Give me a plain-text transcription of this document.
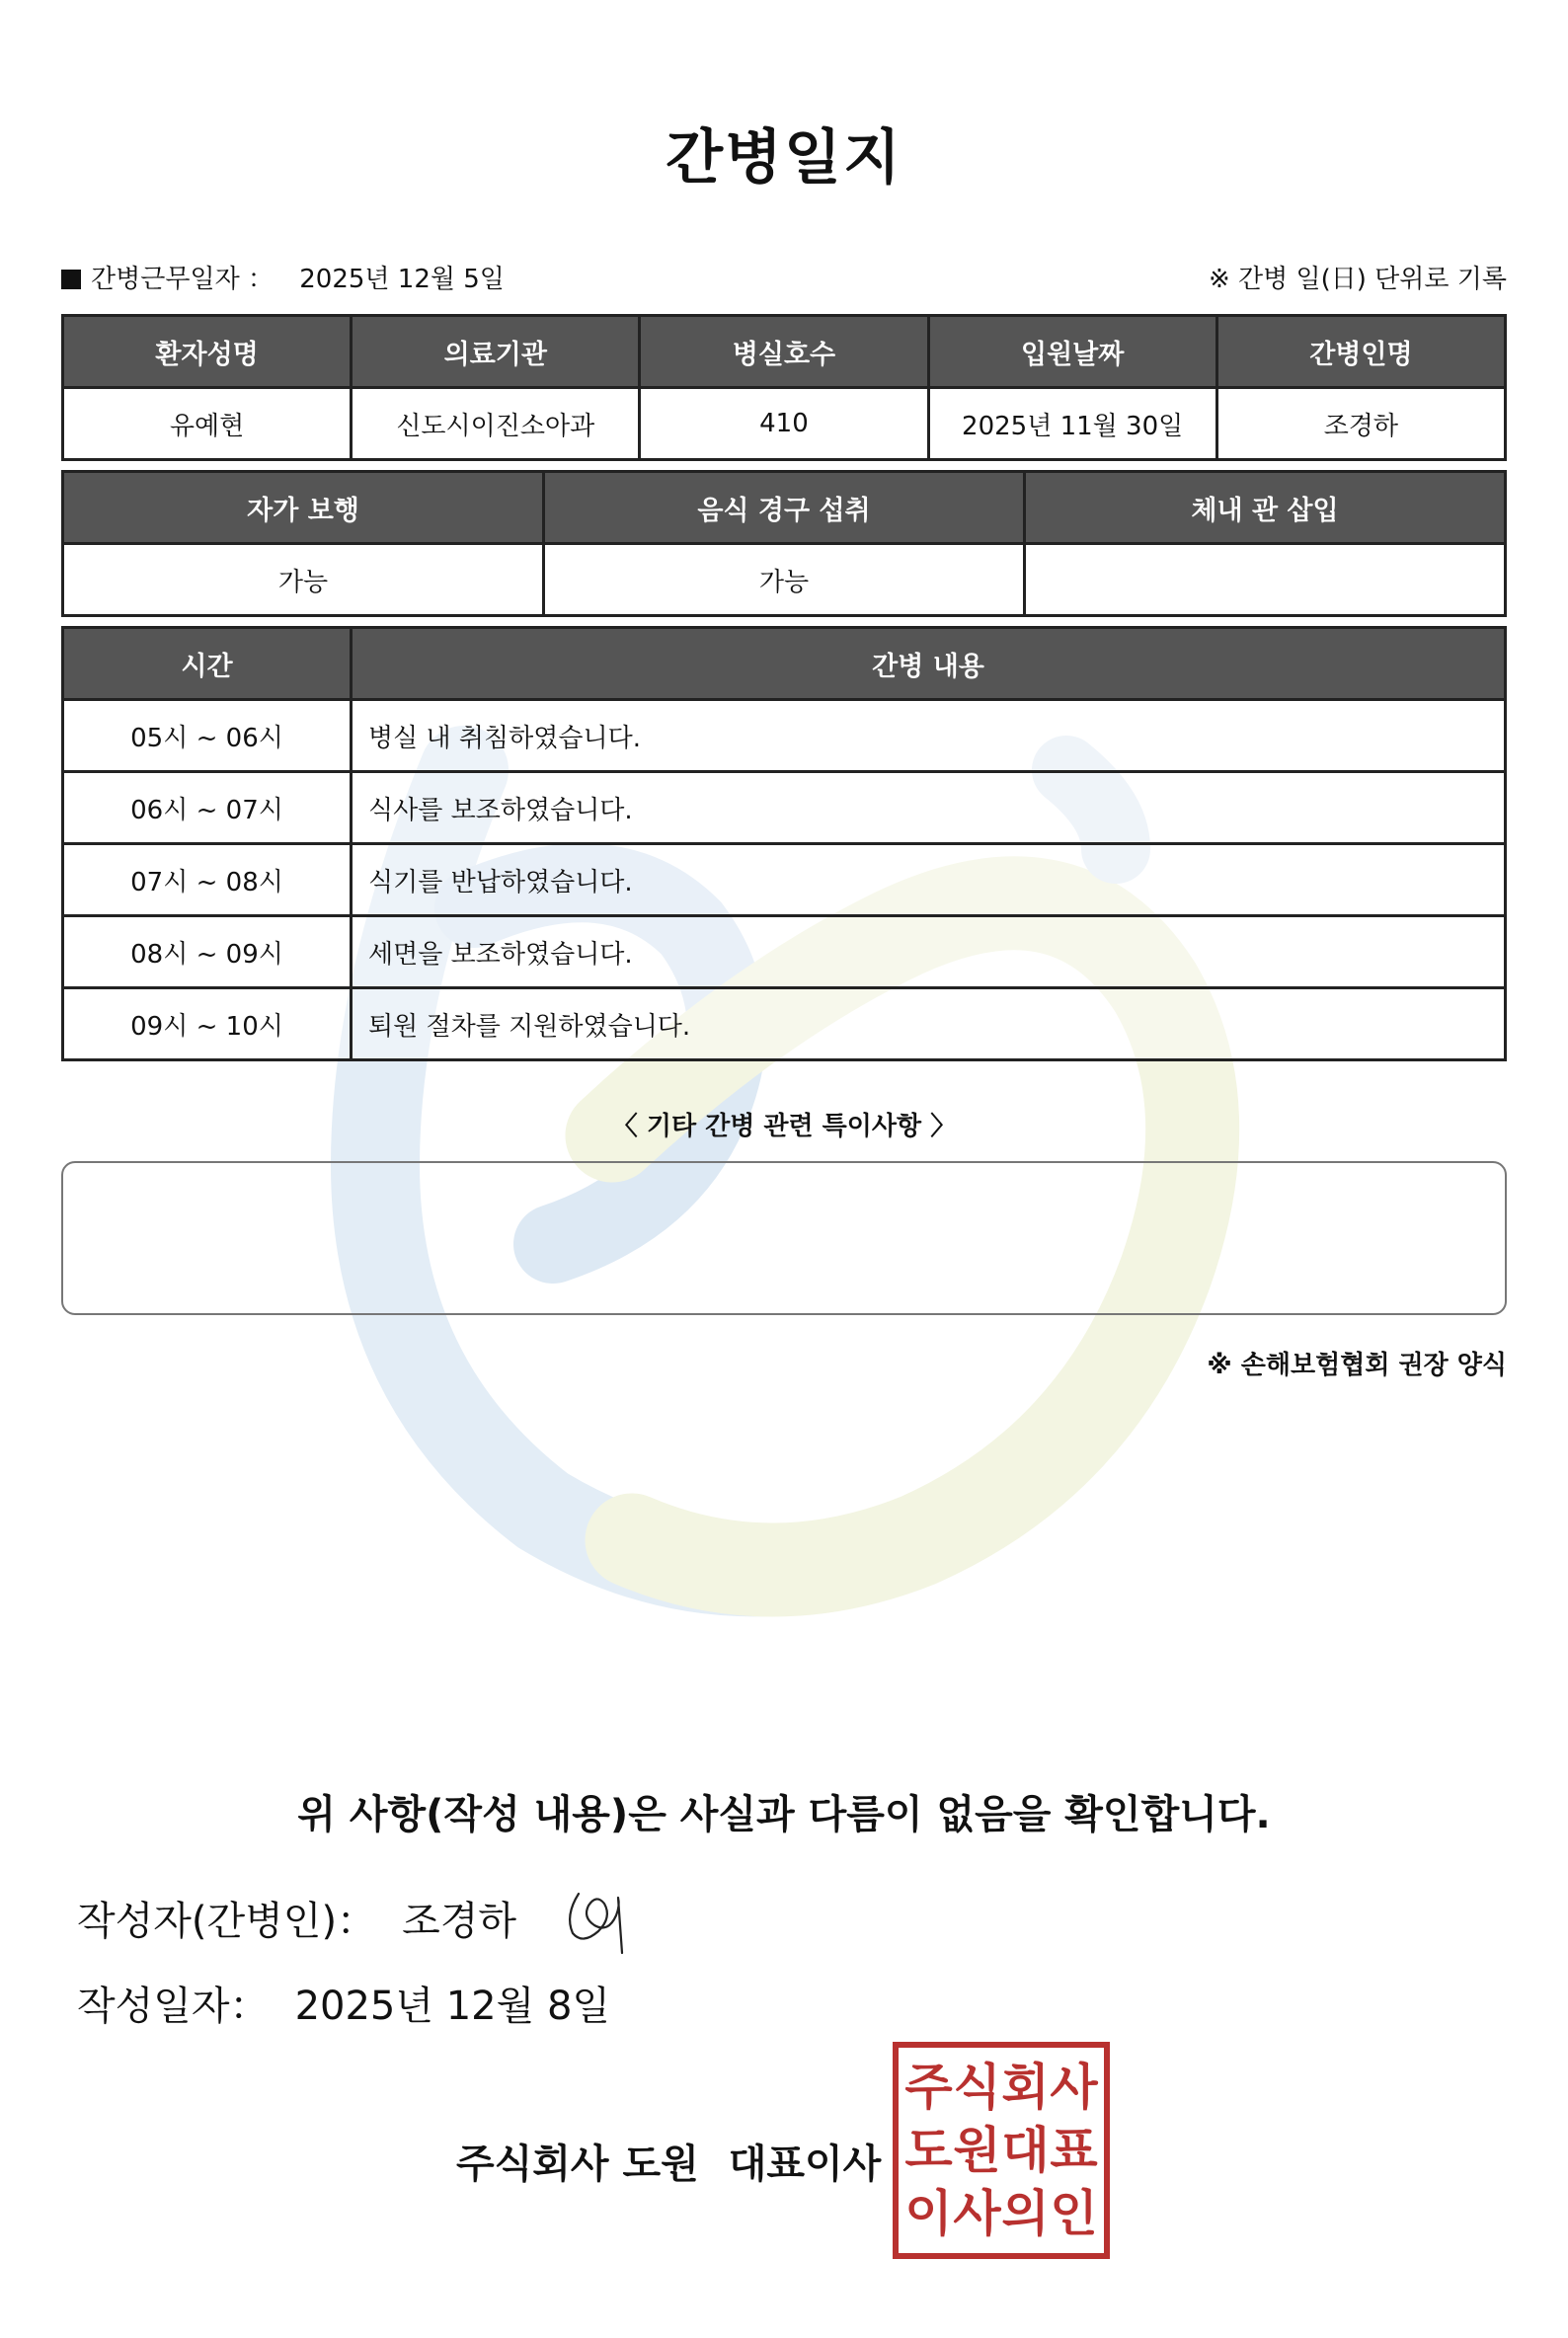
간병일지
간병근무일자 ： 2025년 12월 5일	※ 간병 일(日) 단위로 기록
환자성명	의료기관	병실호수	입원날짜	간병인명
유예현	신도시이진소아과	410	2025년 11월 30일	조경하
자가 보행	음식 경구 섭취	체내 관 삽입
가능	가능	
시간	간병 내용
05시 ~ 06시	병실 내 취침하였습니다.
06시 ~ 07시	식사를 보조하였습니다.
07시 ~ 08시	식기를 반납하였습니다.
08시 ~ 09시	세면을 보조하였습니다.
09시 ~ 10시	퇴원 절차를 지원하였습니다.
〈 기타 간병 관련 특이사항 〉
※ 손해보험협회 권장 양식
위 사항(작성 내용)은 사실과 다름이 없음을 확인합니다.
작성자(간병인)： 조경하
작성일자： 2025년 12월 8일
주식회사 도원 대표이사
주 식 회 사
도 원 대 표
이 사 의 인
